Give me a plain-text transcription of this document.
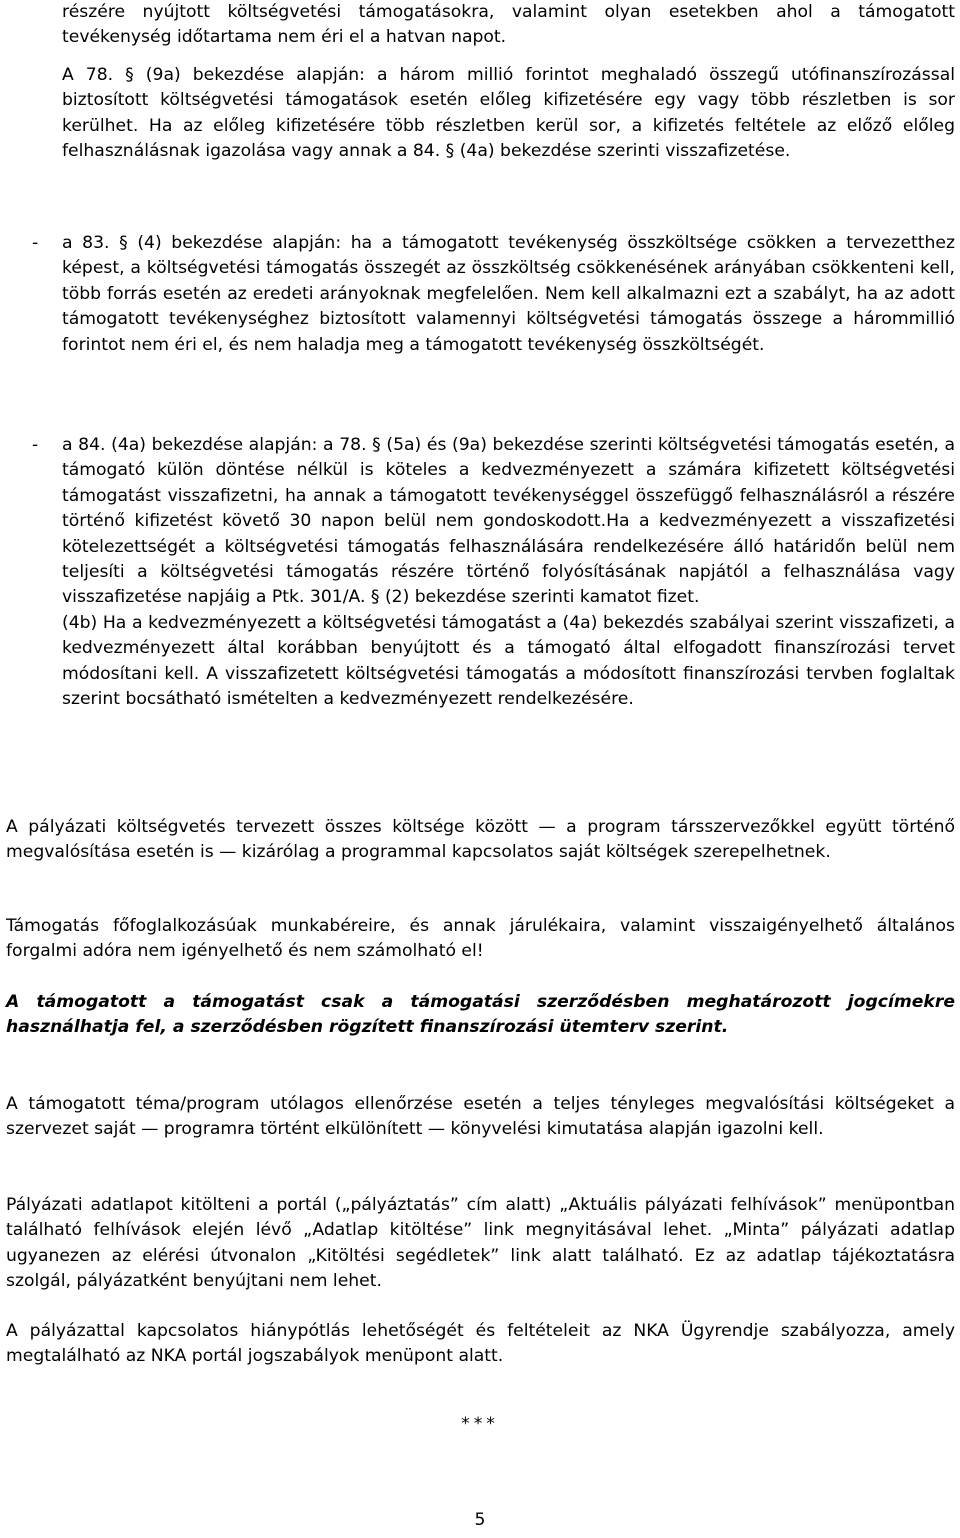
részére nyújtott költségvetési támogatásokra, valamint olyan esetekben ahol a támogatott tevékenység időtartama nem éri el a hatvan napot.

A 78. § (9a) bekezdése alapján: a három millió forintot meghaladó összegű utófinanszírozással biztosított költségvetési támogatások esetén előleg kifizetésére egy vagy több részletben is sor kerülhet. Ha az előleg kifizetésére több részletben kerül sor, a kifizetés feltétele az előző előleg felhasználásnak igazolása vagy annak a 84. § (4a) bekezdése szerinti visszafizetése.

-	a 83. § (4) bekezdése alapján: ha a támogatott tevékenység összköltsége csökken a tervezetthez képest, a költségvetési támogatás összegét az összköltség csökkenésének arányában csökkenteni kell, több forrás esetén az eredeti arányoknak megfelelően. Nem kell alkalmazni ezt a szabályt, ha az adott támogatott tevékenységhez biztosított valamennyi költségvetési támogatás összege a hárommillió forintot nem éri el, és nem haladja meg a támogatott tevékenység összköltségét.
-	a 84. (4a) bekezdése alapján: a 78. § (5a) és (9a) bekezdése szerinti költségvetési támogatás esetén, a támogató külön döntése nélkül is köteles a kedvezményezett a számára kifizetett költségvetési támogatást visszafizetni, ha annak a támogatott tevékenységgel összefüggő felhasználásról a részére történő kifizetést követő 30 napon belül nem gondoskodott.Ha a kedvezményezett a visszafizetési kötelezettségét a költségvetési támogatás felhasználására rendelkezésére álló határidőn belül nem teljesíti a költségvetési támogatás részére történő folyósításának napjától a felhasználása vagy visszafizetése napjáig a Ptk. 301/A. § (2) bekezdése szerinti kamatot fizet.
(4b) Ha a kedvezményezett a költségvetési támogatást a (4a) bekezdés szabályai szerint visszafizeti, a kedvezményezett által korábban benyújtott és a támogató által elfogadott finanszírozási tervet módosítani kell. A visszafizetett költségvetési támogatás a módosított finanszírozási tervben foglaltak szerint bocsátható ismételten a kedvezményezett rendelkezésére.

A pályázati költségvetés tervezett összes költsége között — a program társszervezőkkel együtt történő megvalósítása esetén is — kizárólag a programmal kapcsolatos saját költségek szerepelhetnek.

Támogatás főfoglalkozásúak munkabéreire, és annak járulékaira, valamint visszaigényelhető általános forgalmi adóra nem igényelhető és nem számolható el!

A támogatott a támogatást csak a támogatási szerződésben meghatározott jogcímekre használhatja fel, a szerződésben rögzített finanszírozási ütemterv szerint.

A támogatott téma/program utólagos ellenőrzése esetén a teljes tényleges megvalósítási költségeket a szervezet saját — programra történt elkülönített — könyvelési kimutatása alapján igazolni kell.

Pályázati adatlapot kitölteni a portál („pályáztatás” cím alatt) „Aktuális pályázati felhívások” menüpontban található felhívások elején lévő „Adatlap kitöltése” link megnyitásával lehet. „Minta” pályázati adatlap ugyanezen az elérési útvonalon „Kitöltési segédletek” link alatt található. Ez az adatlap tájékoztatásra szolgál, pályázatként benyújtani nem lehet.

A pályázattal kapcsolatos hiánypótlás lehetőségét és feltételeit az NKA Ügyrendje szabályozza, amely megtalálható az NKA portál jogszabályok menüpont alatt.

***
5
